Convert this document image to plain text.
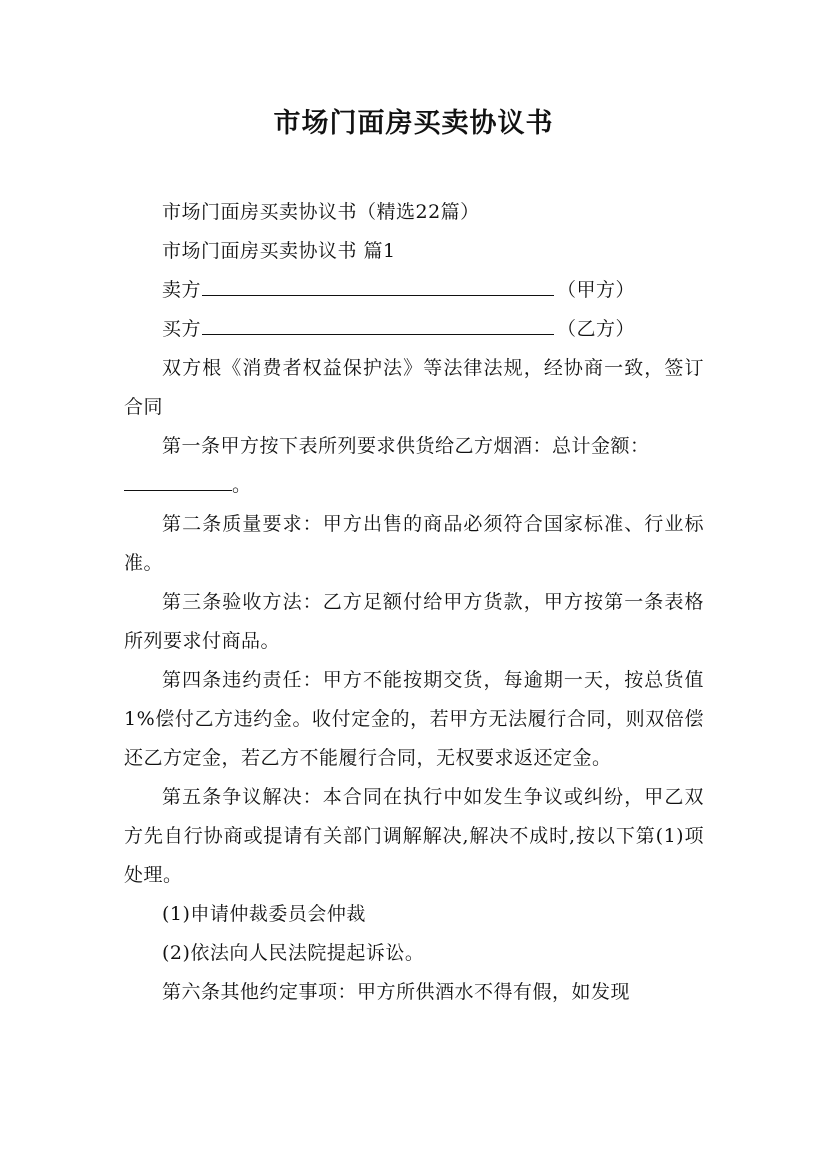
市场门面房买卖协议书

市场门面房买卖协议书（精选22篇）

市场门面房买卖协议书 篇1

卖方	（甲方）

买方	（乙方）

双方根《消费者权益保护法》等法律法规，经协商一致，签订合同

第一条甲方按下表所列要求供货给乙方烟酒：总计金额：

。

第二条质量要求：甲方出售的商品必须符合国家标准、行业标准。

第三条验收方法：乙方足额付给甲方货款，甲方按第一条表格所列要求付商品。

第四条违约责任：甲方不能按期交货，每逾期一天，按总货值1%偿付乙方违约金。收付定金的，若甲方无法履行合同，则双倍偿还乙方定金，若乙方不能履行合同，无权要求返还定金。

第五条争议解决：本合同在执行中如发生争议或纠纷，甲乙双方先自行协商或提请有关部门调解解决,解决不成时,按以下第(1)项处理。

(1)申请仲裁委员会仲裁

(2)依法向人民法院提起诉讼。

第六条其他约定事项：甲方所供酒水不得有假，如发现
